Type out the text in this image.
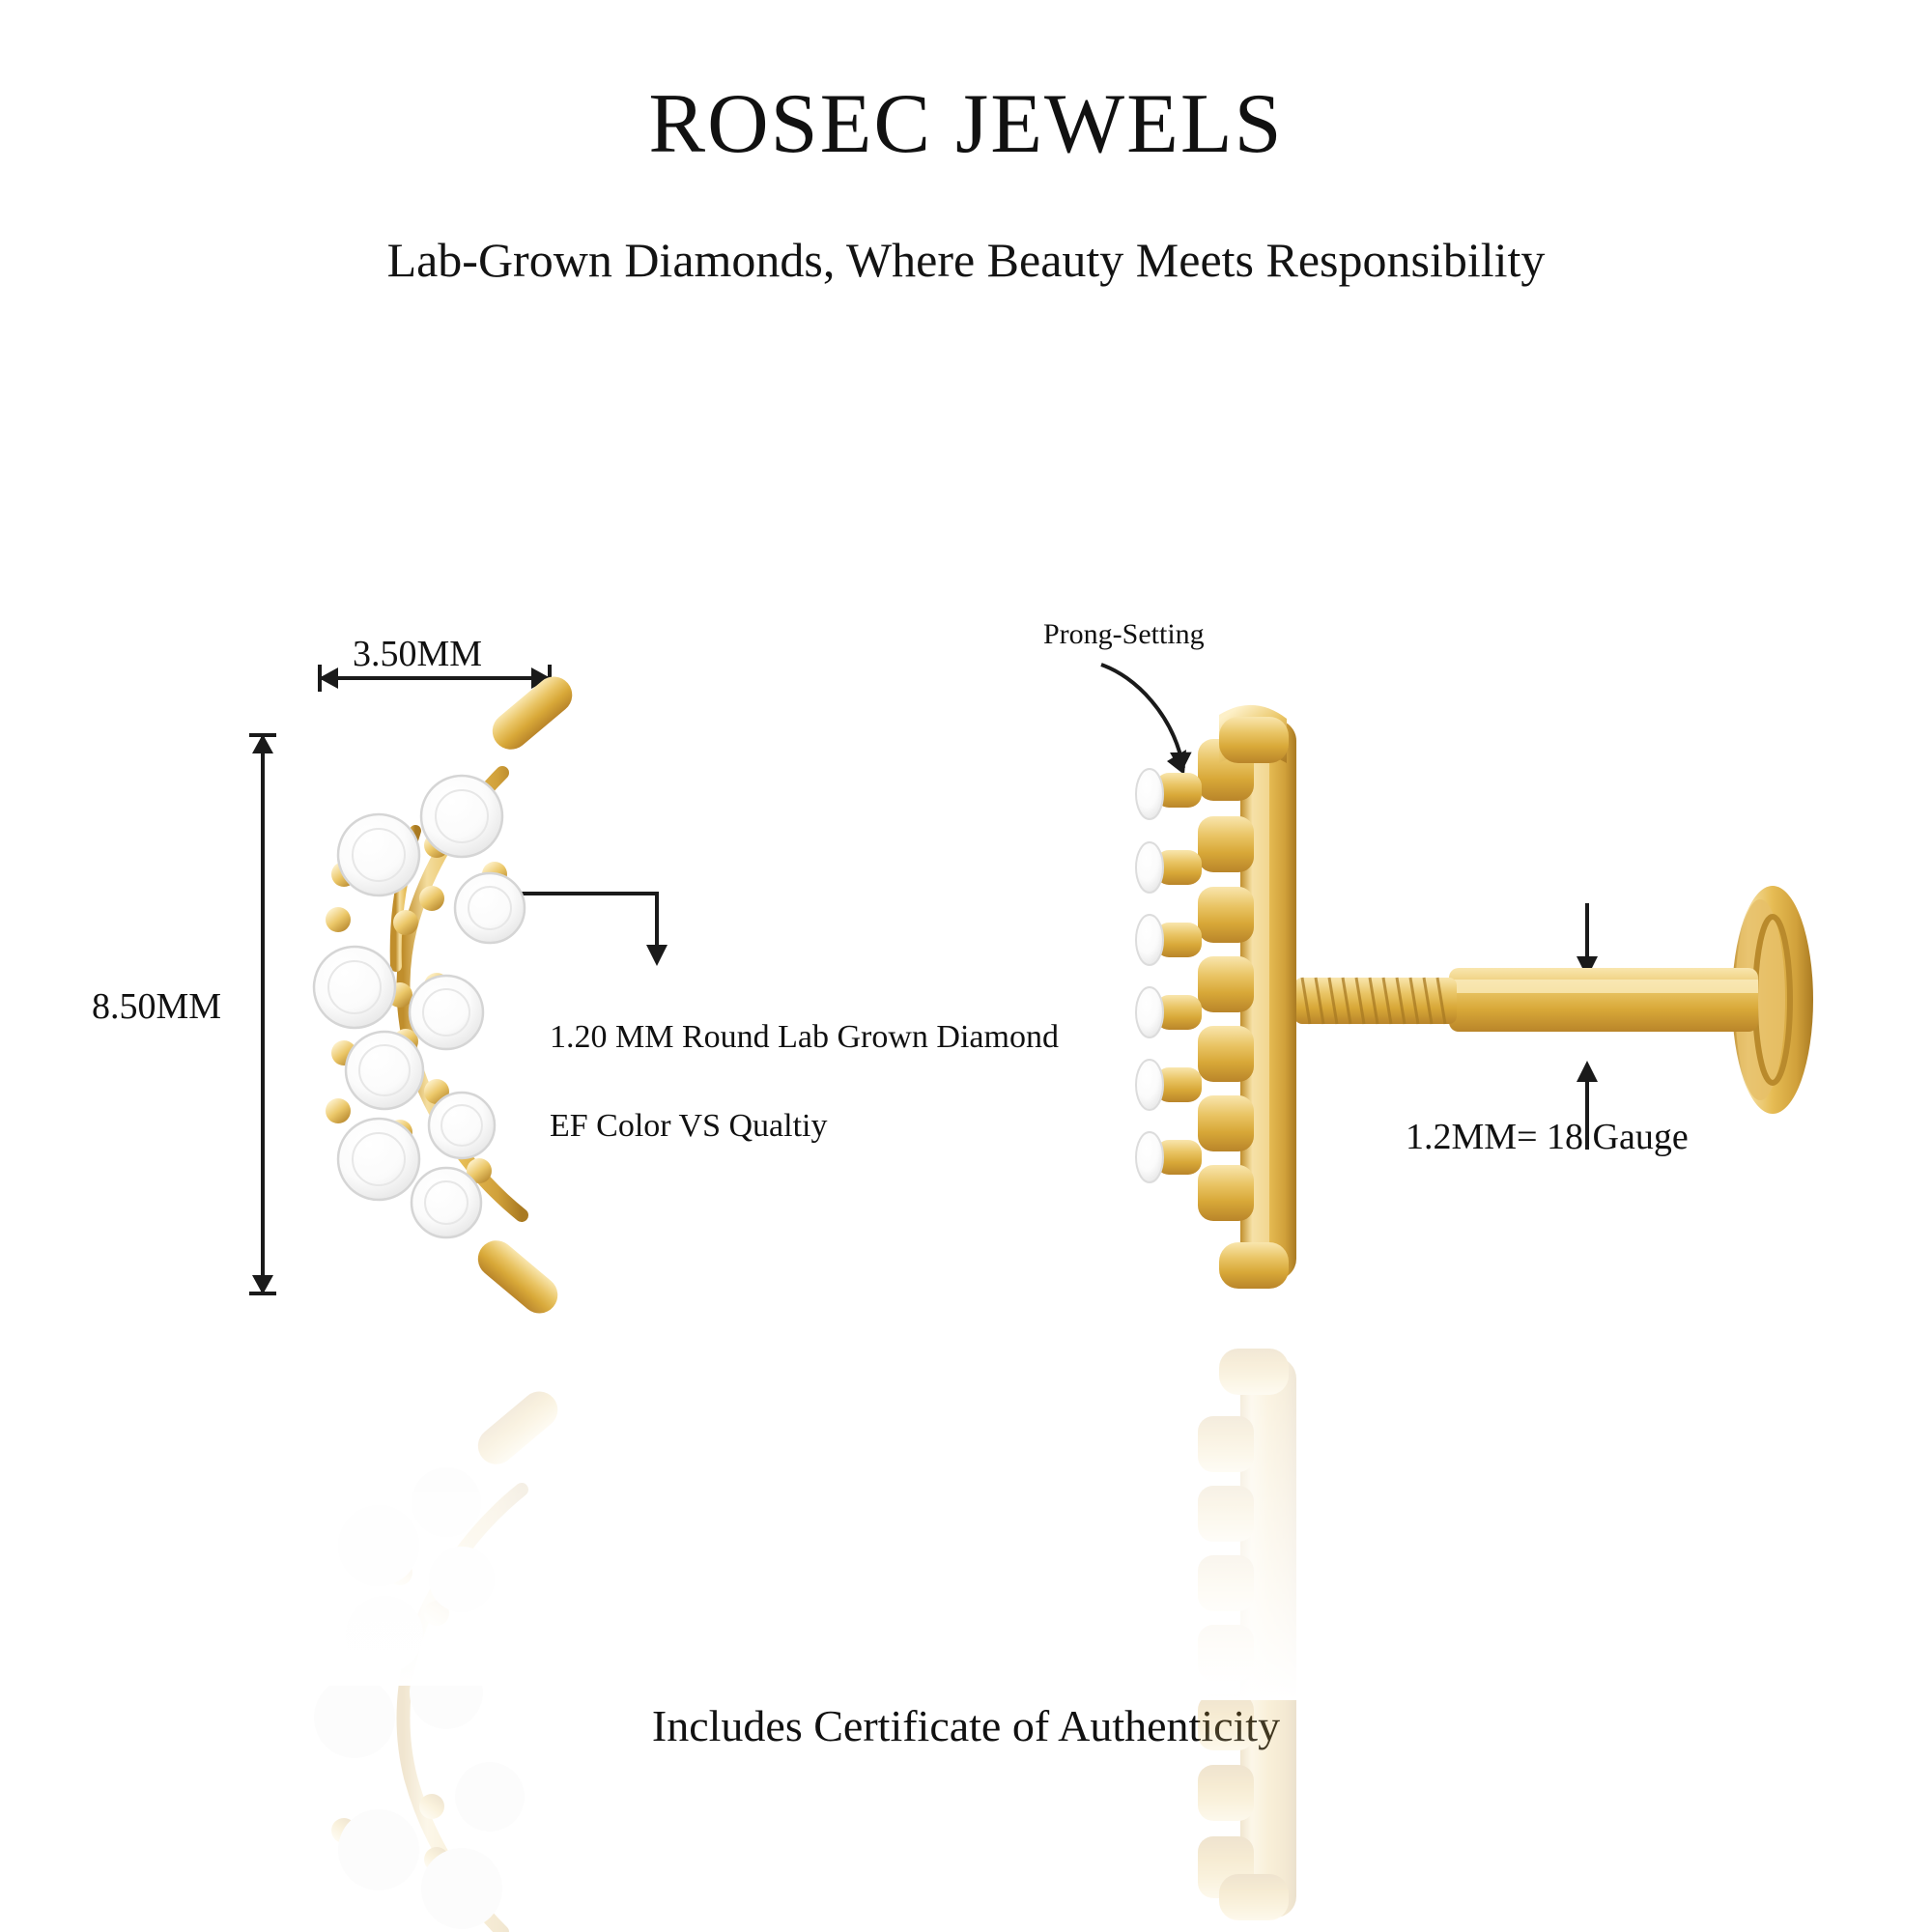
ROSEC JEWELS
Lab-Grown Diamonds, Where Beauty Meets Responsibility
3.50MM
8.50MM

1.20 MM Round Lab Grown Diamond

EF Color VS Qualtiy

Prong-Setting
1.2MM= 18 Gauge
Includes Certificate of Authenticity
